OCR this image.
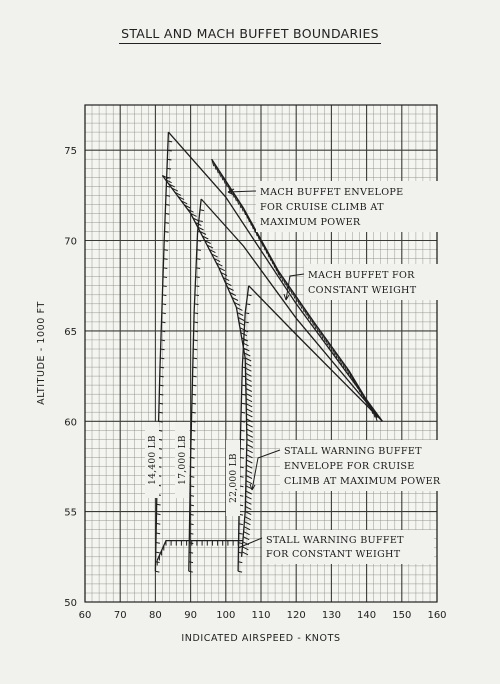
STALL AND MACH BUFFET BOUNDARIES
60 70 80 90 100 110 120 130 140 150 160
50
55
60
65
70
75
INDICATED AIRSPEED - KNOTS
ALTITUDE - 1000 FT
MACH BUFFET ENVELOPE
FOR CRUISE CLIMB AT
MAXIMUM POWER
MACH BUFFET FOR
CONSTANT WEIGHT
STALL WARNING BUFFET
ENVELOPE FOR CRUISE
CLIMB AT MAXIMUM POWER
STALL WARNING BUFFET
FOR CONSTANT WEIGHT
14,400 LB 17,000 LB	22,000 LB
